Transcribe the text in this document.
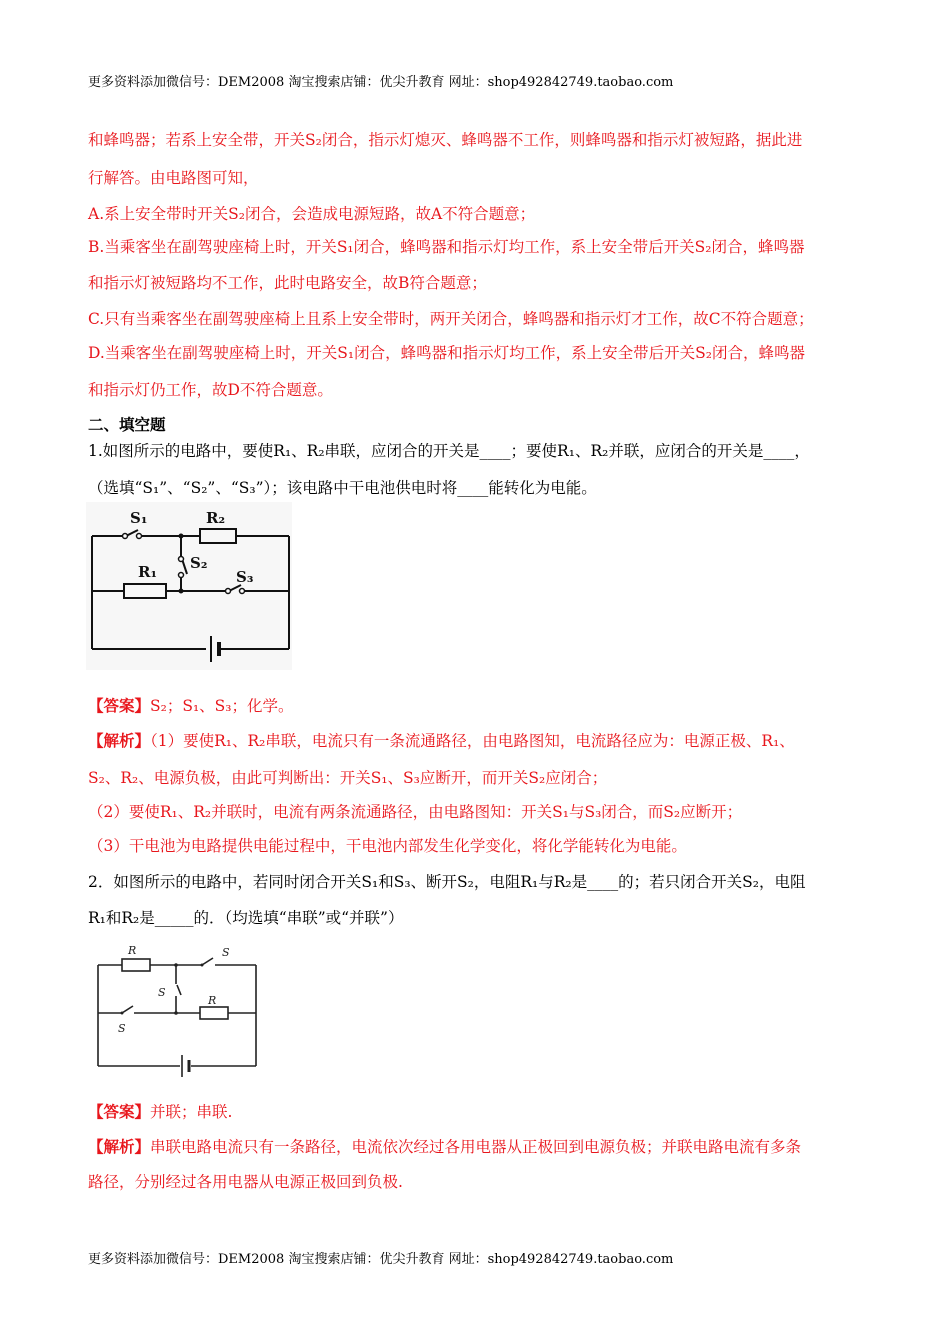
更多资料添加微信号：DEM2008 淘宝搜索店铺：优尖升教育 网址：shop492842749.taobao.com
和蜂鸣器；若系上安全带，开关S₂闭合，指示灯熄灭、蜂鸣器不工作，则蜂鸣器和指示灯被短路，据此进
行解答。由电路图可知，
A.系上安全带时开关S₂闭合，会造成电源短路，故A不符合题意；
B.当乘客坐在副驾驶座椅上时，开关S₁闭合，蜂鸣器和指示灯均工作，系上安全带后开关S₂闭合，蜂鸣器
和指示灯被短路均不工作，此时电路安全，故B符合题意；
C.只有当乘客坐在副驾驶座椅上且系上安全带时，两开关闭合，蜂鸣器和指示灯才工作，故C不符合题意；
D.当乘客坐在副驾驶座椅上时，开关S₁闭合，蜂鸣器和指示灯均工作，系上安全带后开关S₂闭合，蜂鸣器
和指示灯仍工作，故D不符合题意。
二、填空题
1.如图所示的电路中，要使R₁、R₂串联，应闭合的开关是____；要使R₁、R₂并联，应闭合的开关是____，
（选填“S₁”、“S₂”、“S₃”）；该电路中干电池供电时将____能转化为电能。
S₁	R₂
R₁ S₂
S₃
【答案】S₂；S₁、S₃；化学。
【解析】（1）要使R₁、R₂串联，电流只有一条流通路径，由电路图知，电流路径应为：电源正极、R₁、
S₂、R₂、电源负极，由此可判断出：开关S₁、S₃应断开，而开关S₂应闭合；
（2）要使R₁、R₂并联时，电流有两条流通路径，由电路图知：开关S₁与S₃闭合，而S₂应断开；
（3）干电池为电路提供电能过程中，干电池内部发生化学变化，将化学能转化为电能。
2．如图所示的电路中，若同时闭合开关S₁和S₃、断开S₂，电阻R₁与R₂是____的；若只闭合开关S₂，电阻
R₁和R₂是_____的．（均选填“串联”或“并联”）
R	S
S
R
S
【答案】并联；串联.
【解析】串联电路电流只有一条路径，电流依次经过各用电器从正极回到电源负极；并联电路电流有多条
路径，分别经过各用电器从电源正极回到负极.
更多资料添加微信号：DEM2008 淘宝搜索店铺：优尖升教育 网址：shop492842749.taobao.com
